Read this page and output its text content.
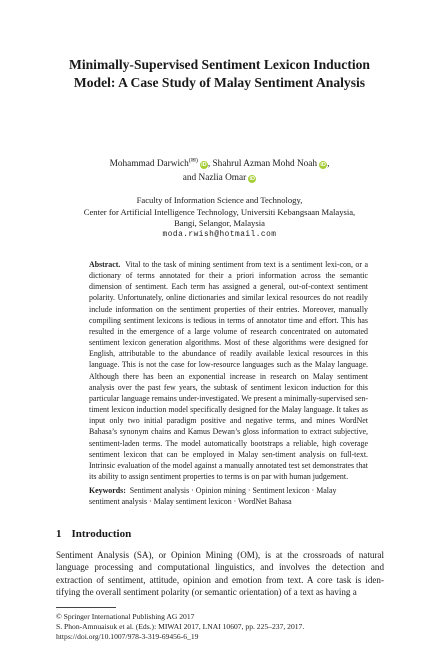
Minimally-Supervised Sentiment Lexicon Induction Model: A Case Study of Malay Sentiment Analysis
Mohammad Darwich(✉)iD, Shahrul Azman Mohd Noah iD,
and Nazlia Omar iD
Faculty of Information Science and Technology,
Center for Artificial Intelligence Technology, Universiti Kebangsaan Malaysia,
Bangi, Selangor, Malaysia
moda.rwish@hotmail.com
Abstract. Vital to the task of mining sentiment from text is a sentiment lexi-con, or a dictionary of terms annotated for their a priori information across the semantic dimension of sentiment. Each term has assigned a general, out-of-context sentiment polarity. Unfortunately, online dictionaries and similar lexical resources do not readily include information on the sentiment properties of their entries. Moreover, manually compiling sentiment lexicons is tedious in terms of annotator time and effort. This has resulted in the emergence of a large volume of research concentrated on automated sentiment lexicon generation algorithms. Most of these algorithms were designed for English, attributable to the abundance of readily available lexical resources in this language. This is not the case for low-resource languages such as the Malay language. Although there has been an exponential increase in research on Malay sentiment analysis over the past few years, the subtask of sentiment lexicon induction for this particular language remains under-investigated. We present a minimally-supervised sen-timent lexicon induction model specifically designed for the Malay language. It takes as input only two initial paradigm positive and negative terms, and mines WordNet Bahasa’s synonym chains and Kamus Dewan’s gloss information to extract subjective, sentiment-laden terms. The model automatically bootstraps a reliable, high coverage sentiment lexicon that can be employed in Malay sen-timent analysis on full-text. Intrinsic evaluation of the model against a manually annotated test set demonstrates that its ability to assign sentiment properties to terms is on par with human judgement.
Keywords: Sentiment analysis · Opinion mining · Sentiment lexicon · Malay sentiment analysis · Malay sentiment lexicon · WordNet Bahasa
1 Introduction
Sentiment Analysis (SA), or Opinion Mining (OM), is at the crossroads of natural language processing and computational linguistics, and involves the detection and extraction of sentiment, attitude, opinion and emotion from text. A core task is iden-tifying the overall sentiment polarity (or semantic orientation) of a text as having a
© Springer International Publishing AG 2017
S. Phon-Amnuaisuk et al. (Eds.): MIWAI 2017, LNAI 10607, pp. 225–237, 2017.
https://doi.org/10.1007/978-3-319-69456-6_19
